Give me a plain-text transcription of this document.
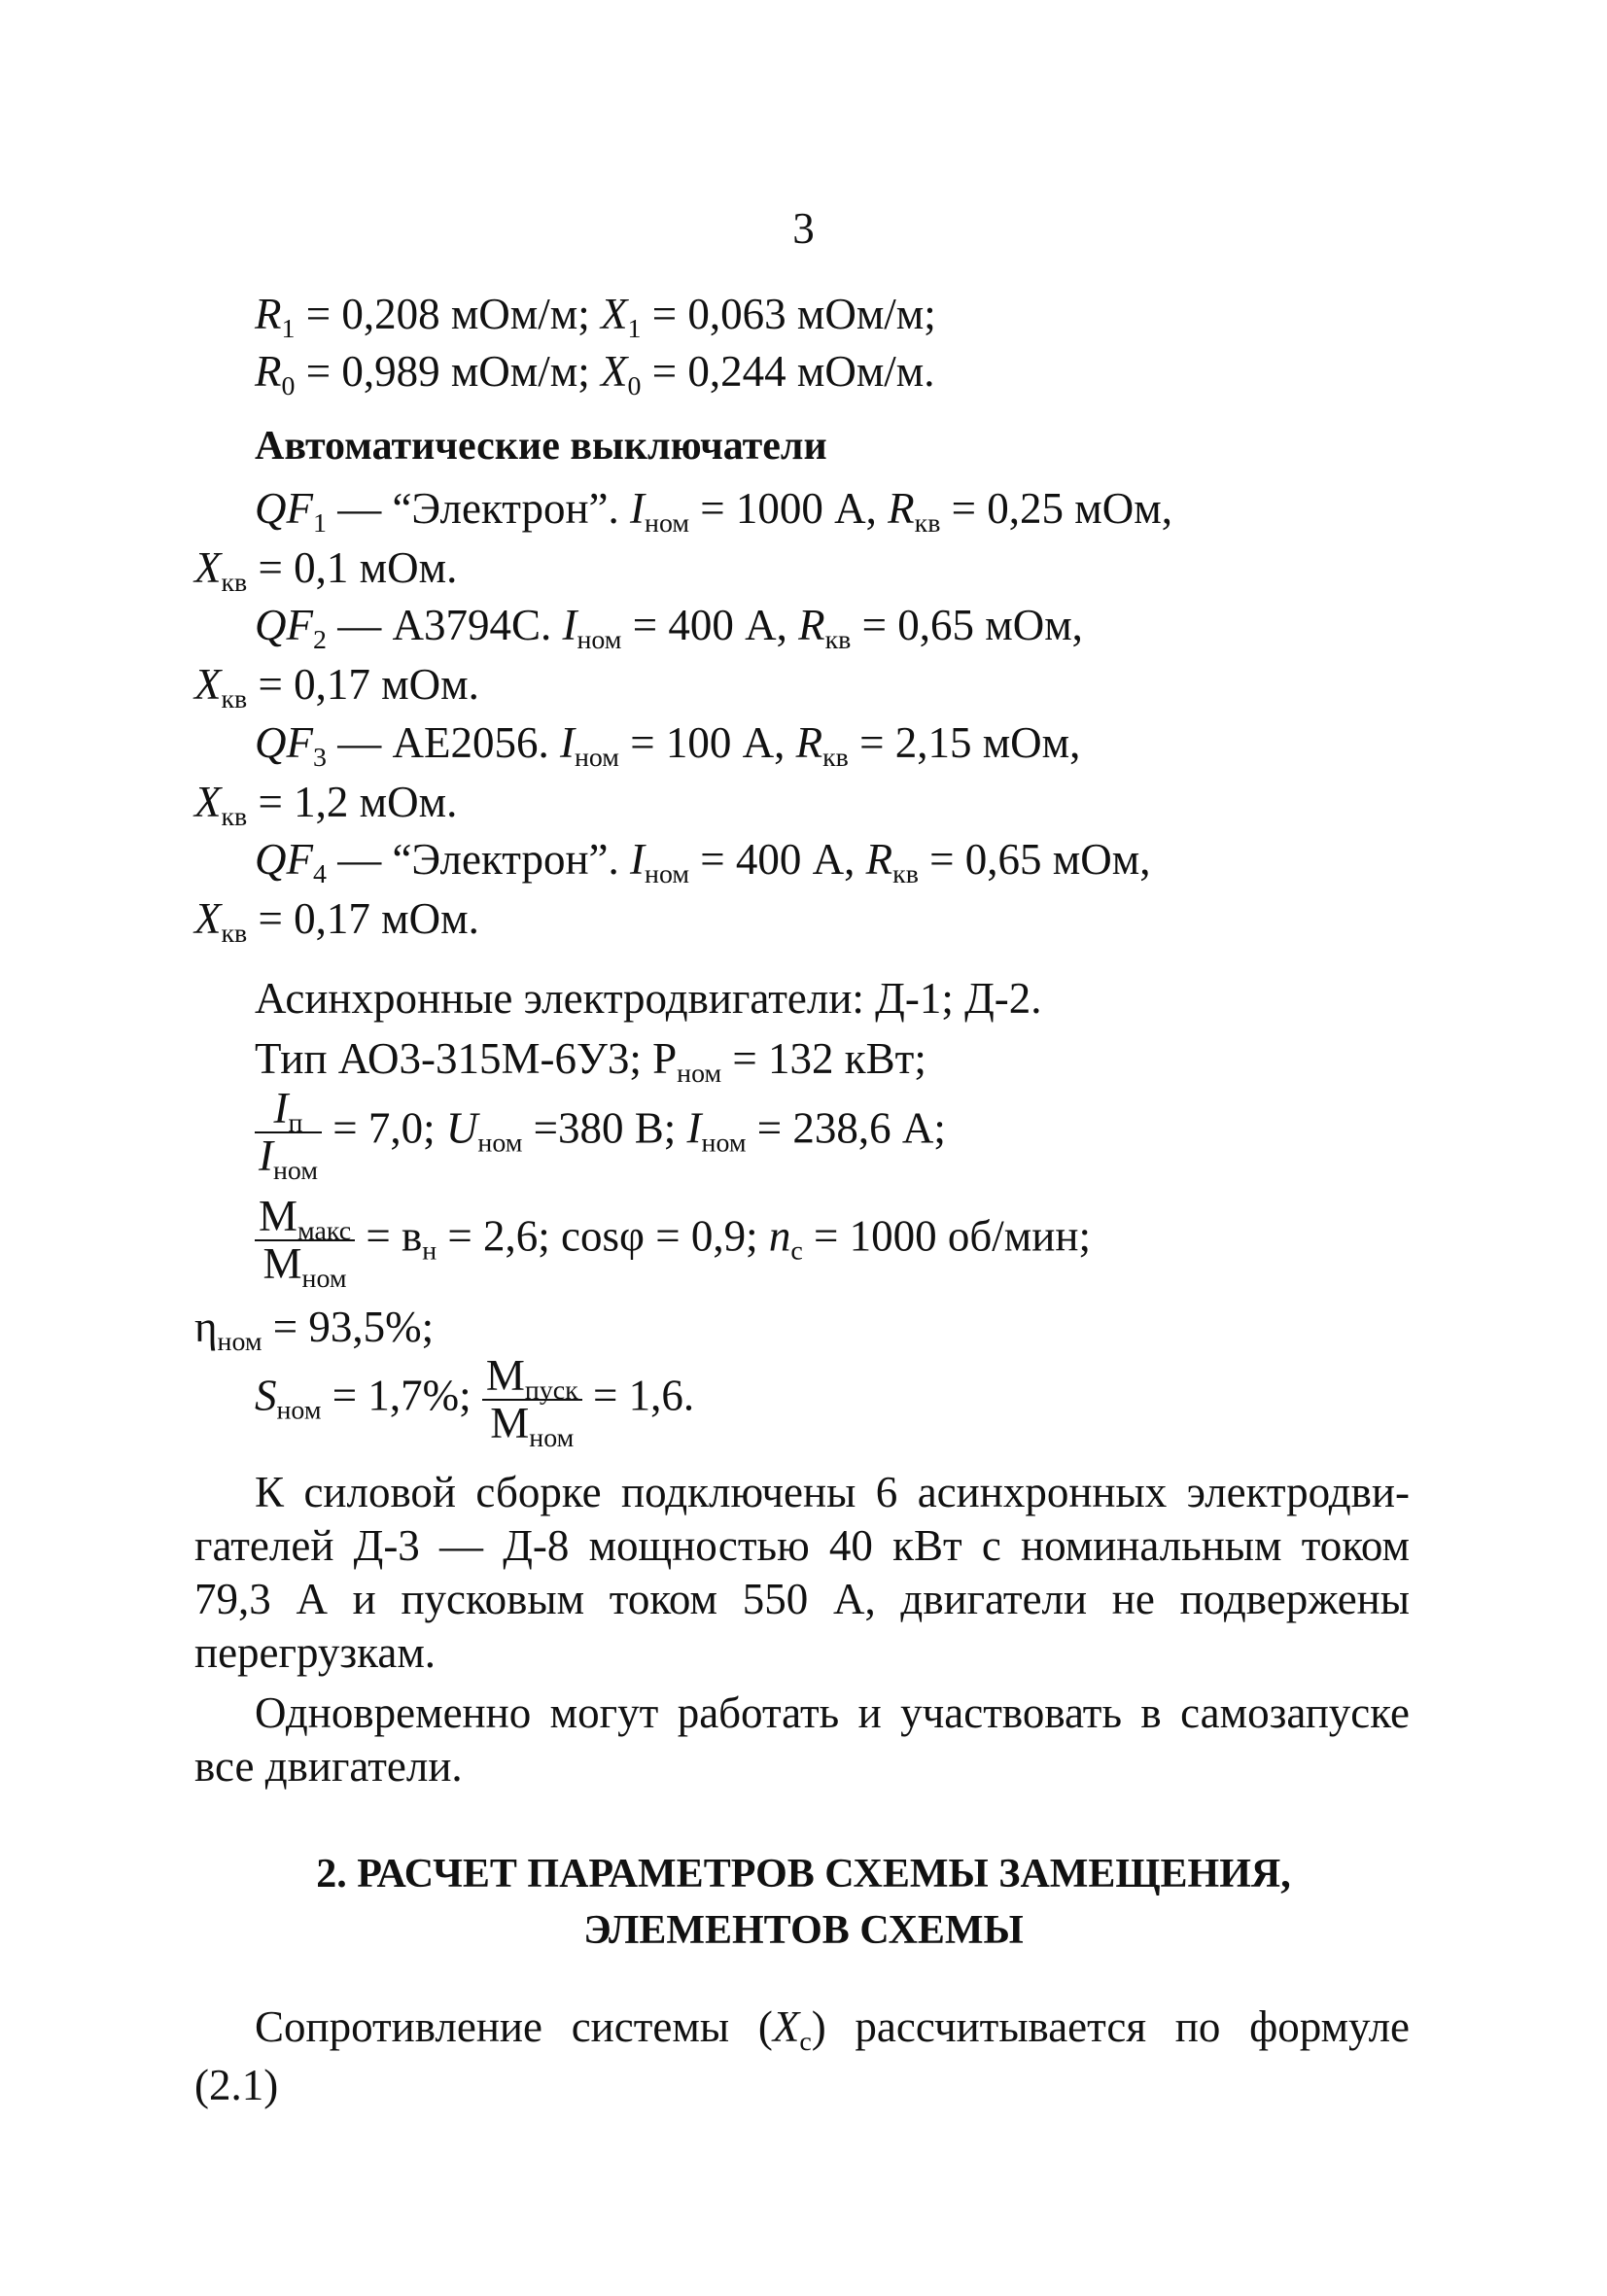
3
$R_1 = 0,208$ мОм/м; $X_1 = 0,063$ мОм/м;
$R_0 = 0,989$ мОм/м; $X_0 = 0,244$ мОм/м.
Автоматические выключатели
$QF_1$ — “Электрон”. $I_{ном} = 1000$ А, $R_{кв} = 0,25$ мОм,
$X_{кв} = 0,1$ мОм.
$QF_2$ — А3794С. $I_{ном} = 400$ А, $R_{кв} = 0,65$ мОм,
$X_{кв} = 0,17$ мОм.
$QF_3$ — АЕ2056. $I_{ном} = 100$ А, $R_{кв} = 2,15$ мОм,
$X_{кв} = 1,2$ мОм.
$QF_4$ — “Электрон”. $I_{ном} = 400$ А, $R_{кв} = 0,65$ мОм,
$X_{кв} = 0,17$ мОм.
Асинхронные электродвигатели: Д-1; Д-2.
Тип АО3-315М-6У3; $Р_{ном} = 132$ кВт;
$\frac{I_п}{I_{ном}} = 7,0$; $U_{ном} =380$ В; $I_{ном} = 238,6$ А;
$\frac{М_{макс}}{М_{ном}} = в_н = 2,6$; cosφ = 0,9; $n_с = 1000$ об/мин;
$\eta_{ном} = 93,5\%$;
$S_{ном} = 1,7\%$; $\frac{М_{пуск}}{М_{ном}} = 1,6$.
К силовой сборке подключены 6 асинхронных электродви-
гателей Д-3 — Д-8 мощностью 40 кВт с номинальным током
79,3 А и пусковым током 550 А, двигатели не подвержены
перегрузкам.
Одновременно могут работать и участвовать в самозапуске
все двигатели.
2. РАСЧЕТ ПАРАМЕТРОВ СХЕМЫ ЗАМЕЩЕНИЯ,
ЭЛЕМЕНТОВ СХЕМЫ
Сопротивление системы $(X_с)$ рассчитывается по формуле
(2.1)
